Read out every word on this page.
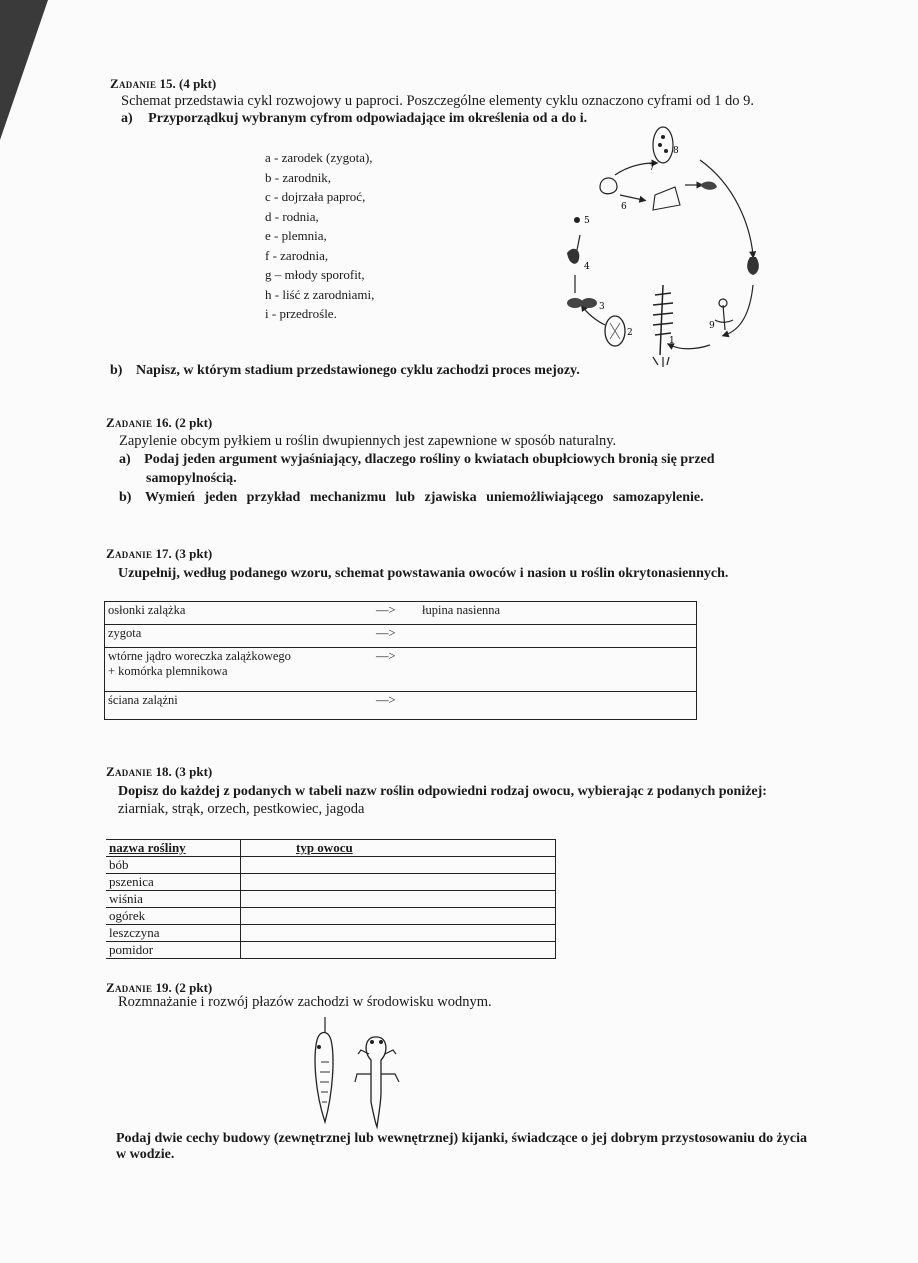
Zadanie 15. (4 pkt)
Schemat przedstawia cykl rozwojowy u paproci. Poszczególne elementy cyklu oznaczono cyframi od 1 do 9.
a) Przyporządkuj wybranym cyfrom odpowiadające im określenia od a do i.
a - zarodek (zygota),
b - zarodnik,
c - dojrzała paproć,
d - rodnia,
e - plemnia,
f - zarodnia,
g – młody sporofit,
h - liść z zarodniami,
i - przedrośle.
8
7
6
5
4
3
2
1
9
b) Napisz, w którym stadium przedstawionego cyklu zachodzi proces mejozy.
Zadanie 16. (2 pkt)
Zapylenie obcym pyłkiem u roślin dwupiennych jest zapewnione w sposób naturalny.
a) Podaj jeden argument wyjaśniający, dlaczego rośliny o kwiatach obupłciowych bronią się przed
samopylnością.
b) Wymień jeden przykład mechanizmu lub zjawiska uniemożliwiającego samozapylenie.
Zadanie 17. (3 pkt)
Uzupełnij, według podanego wzoru, schemat powstawania owoców i nasion u roślin okrytonasiennych.
osłonki zalążka	—>	łupina nasienna
zygota	—>	

wtórne jądro woreczka zalążkowego
+ komórka plemnikowa	—>	
ściana zalążni	—>	
Zadanie 18. (3 pkt)
Dopisz do każdej z podanych w tabeli nazw roślin odpowiedni rodzaj owocu, wybierając z podanych poniżej:
ziarniak, strąk, orzech, pestkowiec, jagoda
nazwa rośliny	typ owocu
bób	
pszenica	
wiśnia	
ogórek	
leszczyna	
pomidor	
Zadanie 19. (2 pkt)
Rozmnażanie i rozwój płazów zachodzi w środowisku wodnym.
Podaj dwie cechy budowy (zewnętrznej lub wewnętrznej) kijanki, świadczące o jej dobrym przystosowaniu do życia
w wodzie.
